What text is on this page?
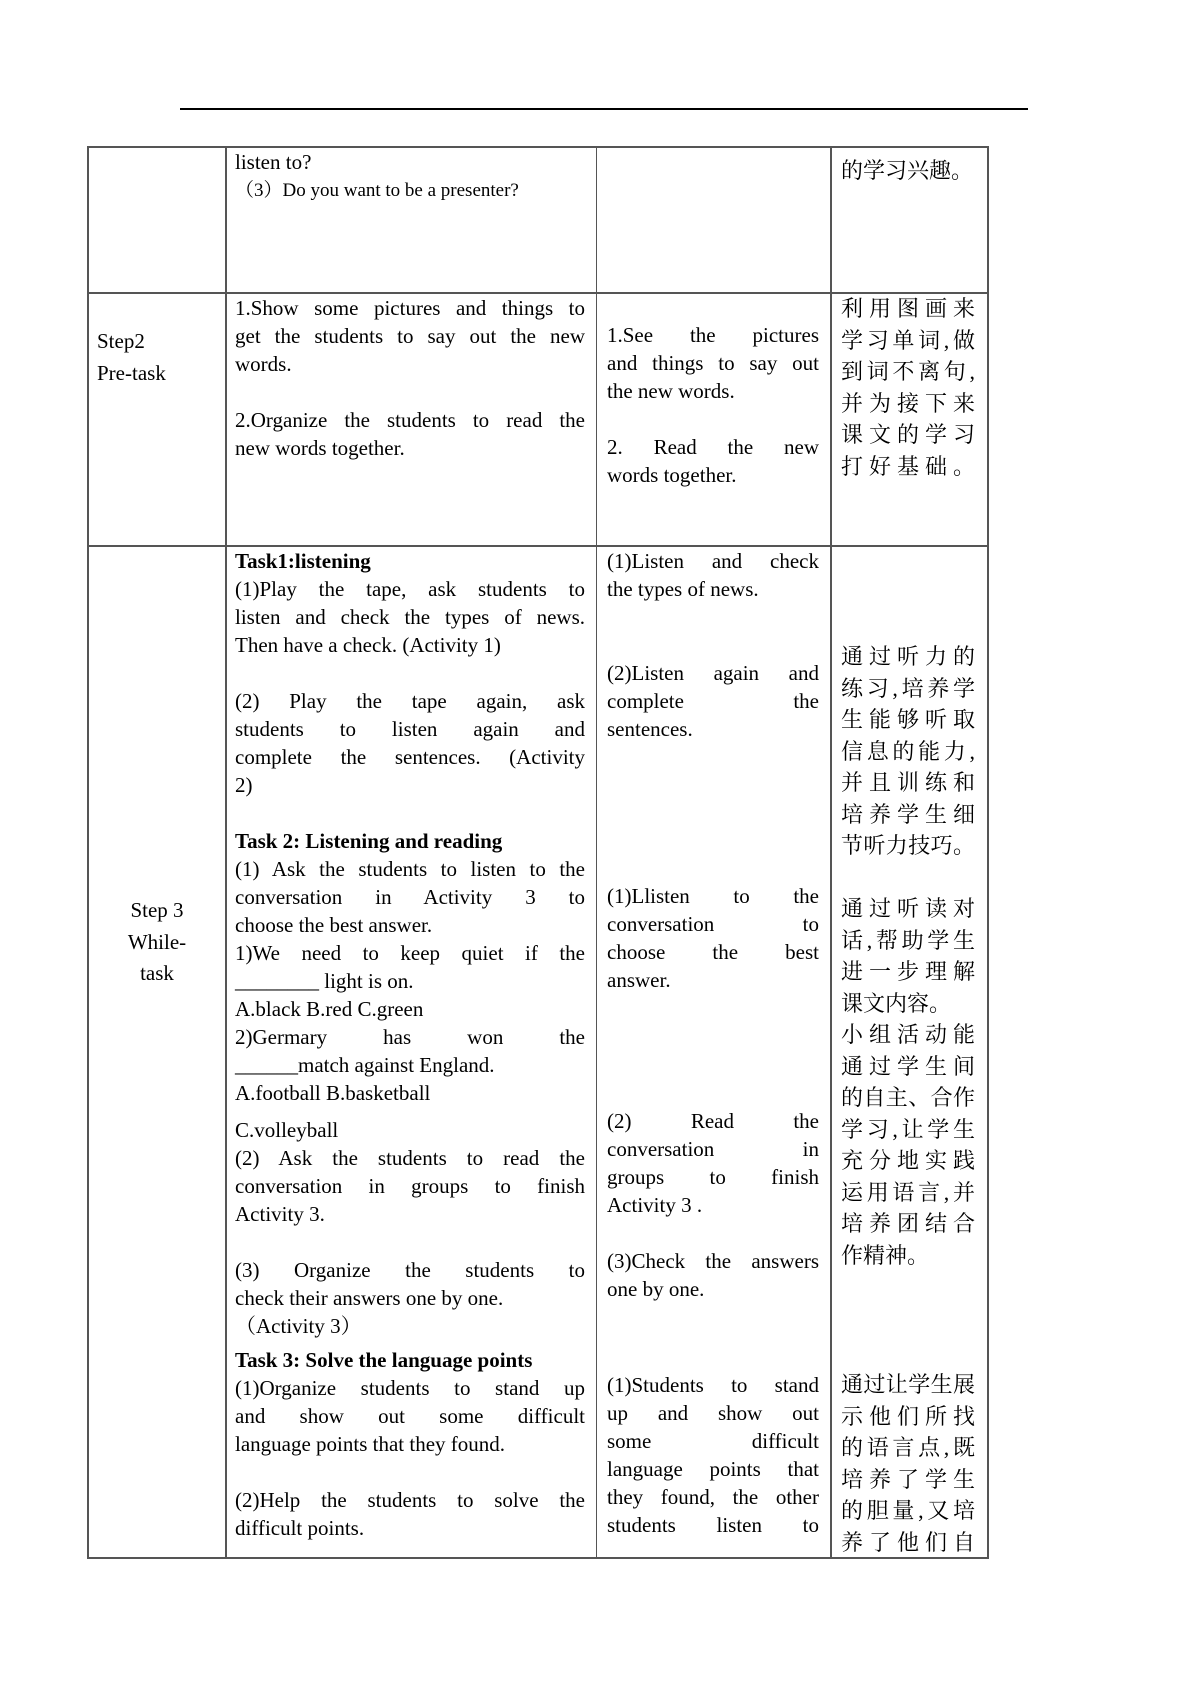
listen to?
（3）Do you want to be a presenter?
的学习兴趣。
Step2
Pre-task
1.Show some pictures and things to
get the students to say out the new
words.
2.Organize the students to read the
new words together.
1.See the pictures
and things to say out
the new words.
2. Read the new
words together.
利用图画来
学习单词,做
到词不离句,
并为接下来
课文的学习
打好基础。
Step 3
While-
task
Task1:listening
(1)Play the tape, ask students to
listen and check the types of news.
Then have a check. (Activity 1)
(2) Play the tape again, ask
students to listen again and
complete the sentences. (Activity
2)
Task 2: Listening and reading
(1) Ask the students to listen to the
conversation in Activity 3 to
choose the best answer.
1)We need to keep quiet if the
________ light is on.
A.black B.red C.green
2)Germary has won the
______match against England.
A.football B.basketball
C.volleyball
(2) Ask the students to read the
conversation in groups to finish
Activity 3.
(3) Organize the students to
check their answers one by one.
（Activity 3）
Task 3: Solve the language points
(1)Organize students to stand up
and show out some difficult
language points that they found.
(2)Help the students to solve the
difficult points.
(1)Listen and check
the types of news.
(2)Listen again and
complete the
sentences.
(1)Llisten to the
conversation to
choose the best
answer.
(2) Read the
conversation in
groups to finish
Activity 3 .
(3)Check the answers
one by one.
(1)Students to stand
up and show out
some difficult
language points that
they found, the other
students listen to
通过听力的
练习,培养学
生能够听取
信息的能力,
并且训练和
培养学生细
节听力技巧。
通过听读对
话,帮助学生
进一步理解
课文内容。
小组活动能
通过学生间
的自主、合作
学习,让学生
充分地实践
运用语言,并
培养团结合
作精神。
通过让学生展
示他们所找
的语言点,既
培养了学生
的胆量,又培
养了他们自
